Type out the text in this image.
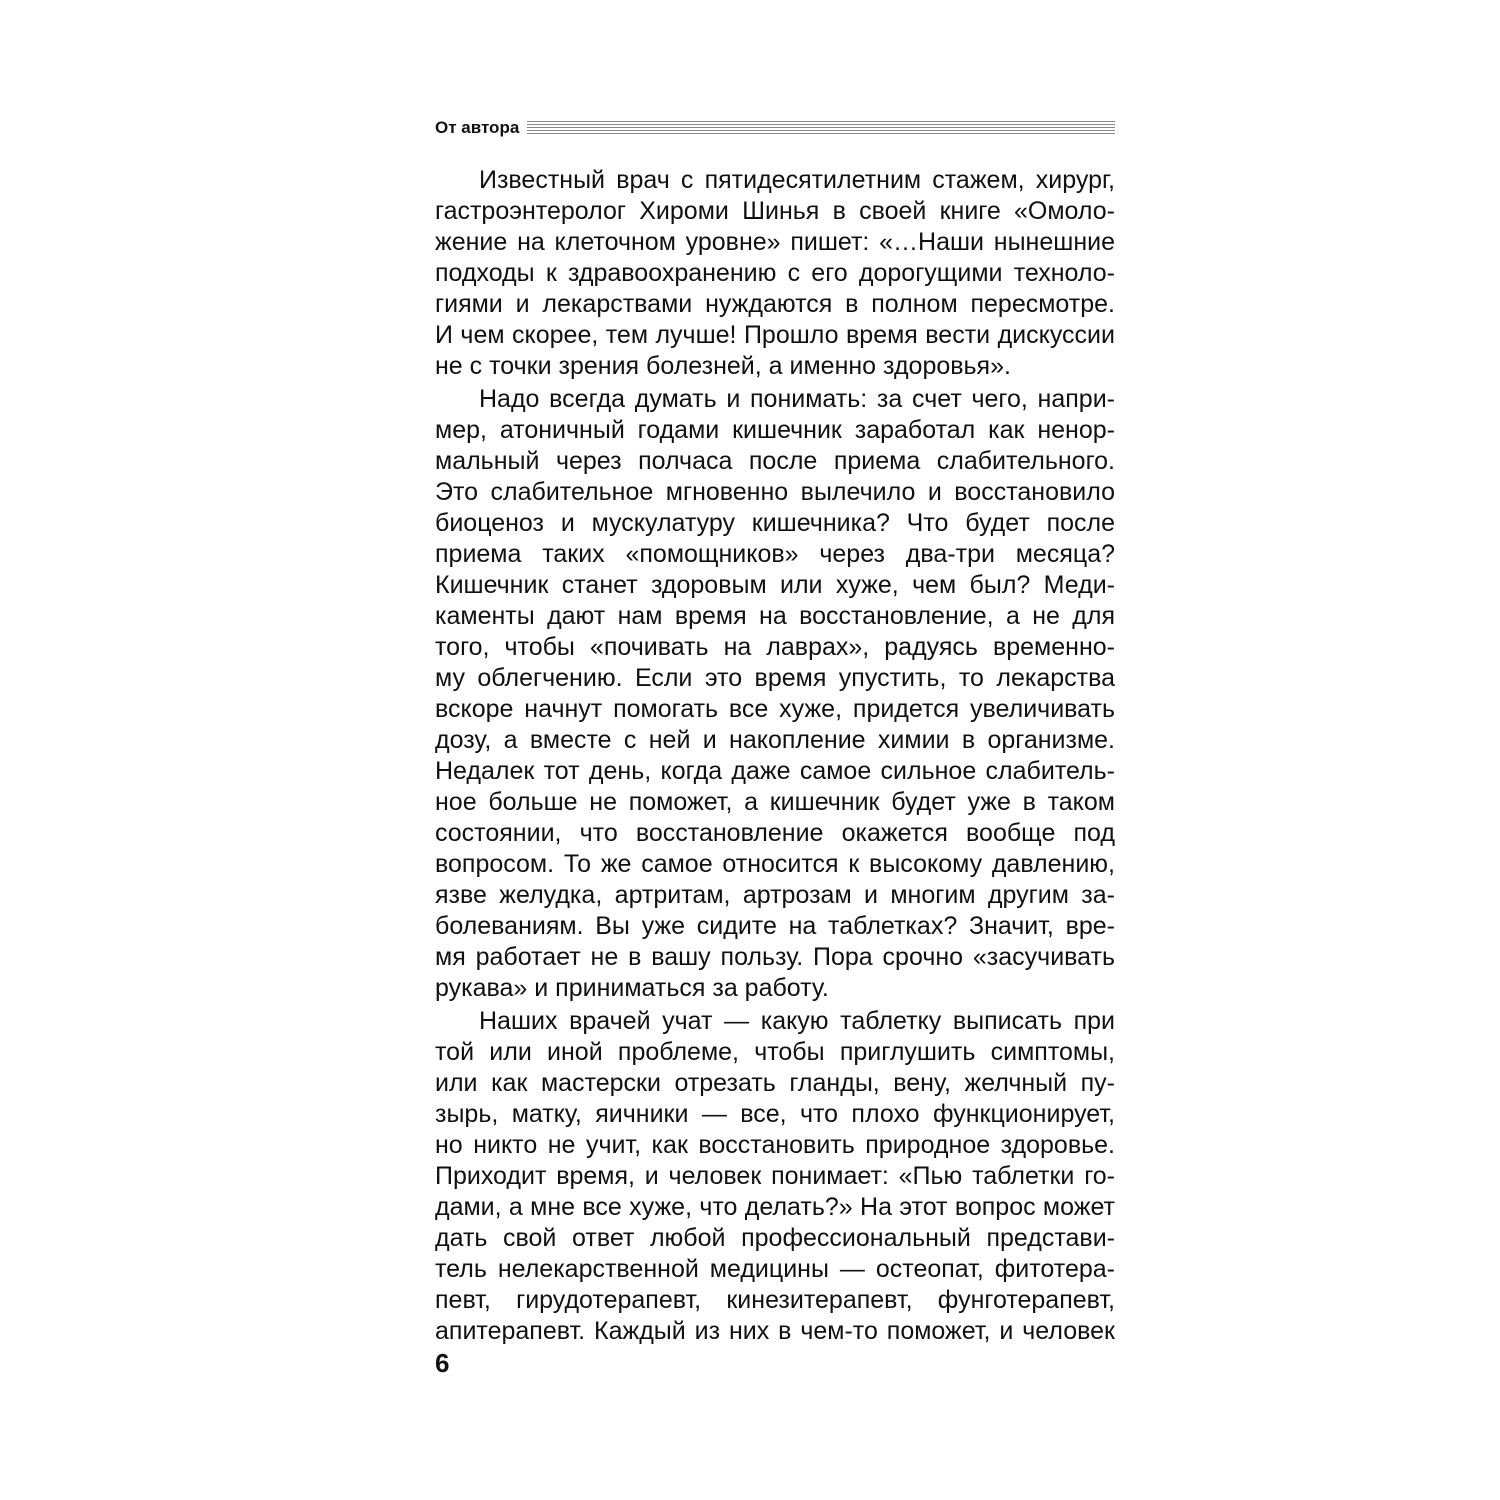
От автора
Известный врач с пятидесятилетним стажем, хирург,
гастроэнтеролог Хироми Шинья в своей книге «Омоло-
жение на клеточном уровне» пишет: «…Наши нынешние
подходы к здравоохранению с его дорогущими техноло-
гиями и лекарствами нуждаются в полном пересмотре.
И чем скорее, тем лучше! Прошло время вести дискуссии
не с точки зрения болезней, а именно здоровья».
Надо всегда думать и понимать: за счет чего, напри-
мер, атоничный годами кишечник заработал как ненор-
мальный через полчаса после приема слабительного.
Это слабительное мгновенно вылечило и восстановило
биоценоз и мускулатуру кишечника? Что будет после
приема таких «помощников» через два-три месяца?
Кишечник станет здоровым или хуже, чем был? Меди-
каменты дают нам время на восстановление, а не для
того, чтобы «почивать на лаврах», радуясь временно-
му облегчению. Если это время упустить, то лекарства
вскоре начнут помогать все хуже, придется увеличивать
дозу, а вместе с ней и накопление химии в организме.
Недалек тот день, когда даже самое сильное слабитель-
ное больше не поможет, а кишечник будет уже в таком
состоянии, что восстановление окажется вообще под
вопросом. То же самое относится к высокому давлению,
язве желудка, артритам, артрозам и многим другим за-
болеваниям. Вы уже сидите на таблетках? Значит, вре-
мя работает не в вашу пользу. Пора срочно «засучивать
рукава» и приниматься за работу.
Наших врачей учат — какую таблетку выписать при
той или иной проблеме, чтобы приглушить симптомы,
или как мастерски отрезать гланды, вену, желчный пу-
зырь, матку, яичники — все, что плохо функционирует,
но никто не учит, как восстановить природное здоровье.
Приходит время, и человек понимает: «Пью таблетки го-
дами, а мне все хуже, что делать?» На этот вопрос может
дать свой ответ любой профессиональный представи-
тель нелекарственной медицины — остеопат, фитотера-
певт, гирудотерапевт, кинезитерапевт, фунготерапевт,
апитерапевт. Каждый из них в чем-то поможет, и человек
6
